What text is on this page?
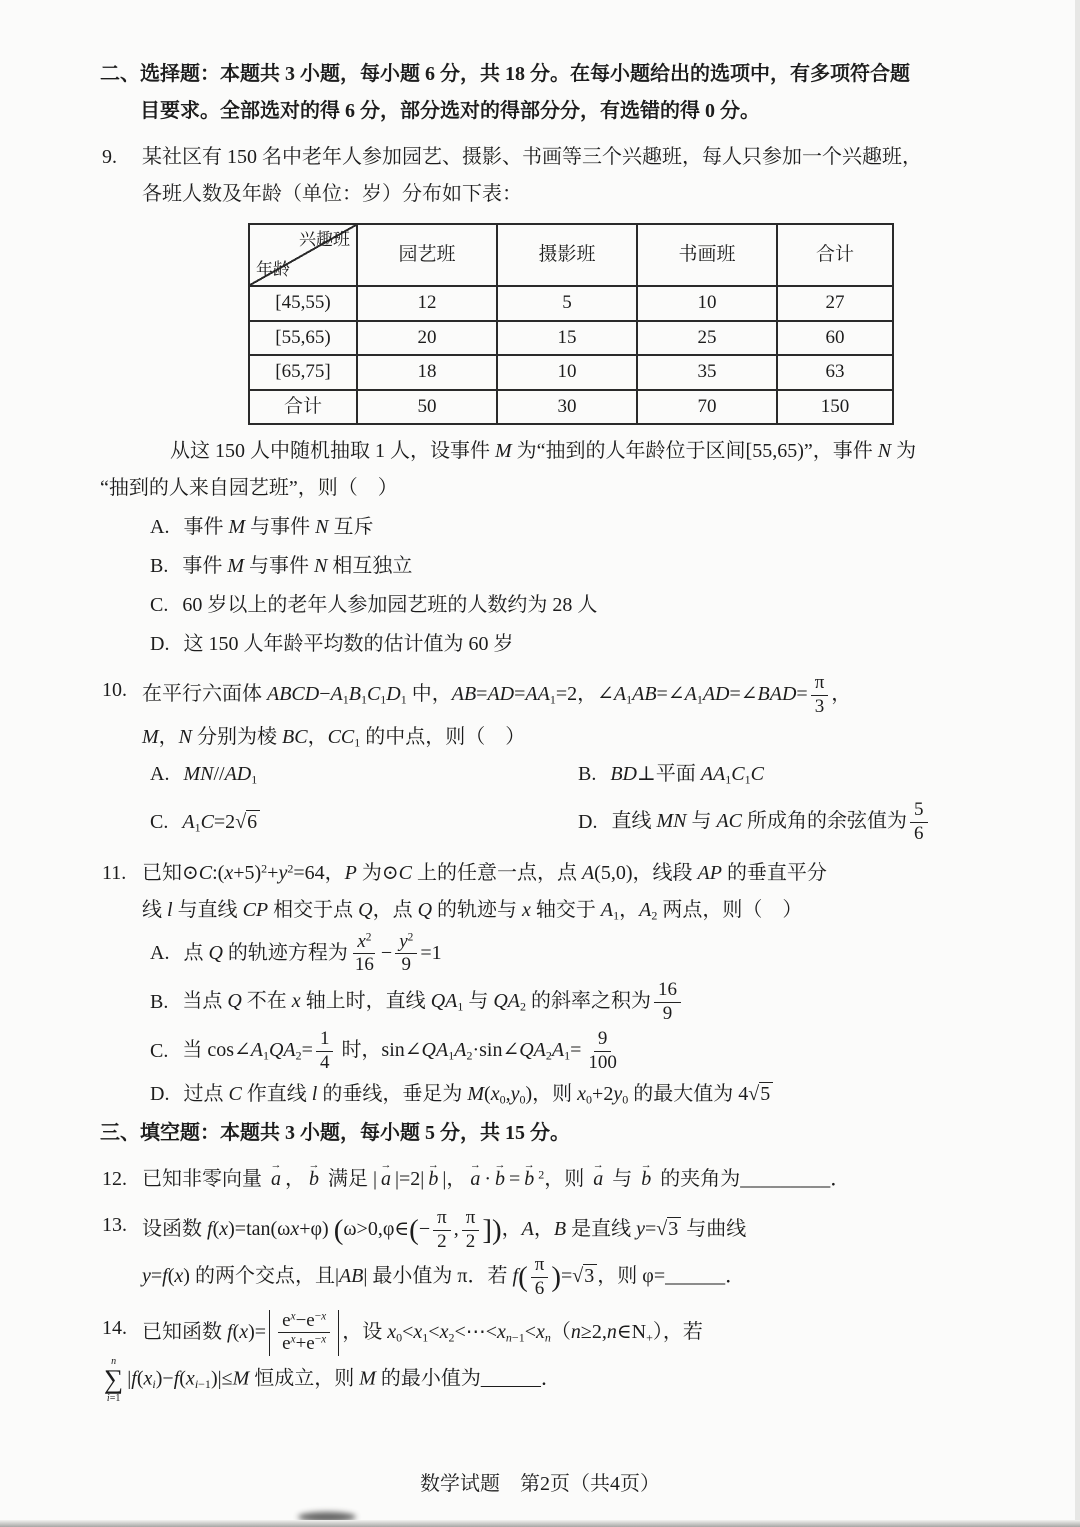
二、选择题：本题共 3 小题，每小题 6 分，共 18 分。在每小题给出的选项中，有多项符合题
目要求。全部选对的得 6 分，部分选对的得部分分，有选错的得 0 分。
9. 某社区有 150 名中老年人参加园艺、摄影、书画等三个兴趣班，每人只参加一个兴趣班，
各班人数及年龄（单位：岁）分布如下表：
兴趣班
年龄	园艺班	摄影班	书画班	合计
[45,55)	12	5	10	27
[55,65)	20	15	25	60
[65,75]	18	10	35	63
合计	50	30	70	150
从这 150 人中随机抽取 1 人，设事件 M 为“抽到的人年龄位于区间[55,65)”，事件 N 为
“抽到的人来自园艺班”，则（　）
A. 事件 M 与事件 N 互斥
B. 事件 M 与事件 N 相互独立
C. 60 岁以上的老年人参加园艺班的人数约为 28 人
D. 这 150 人年龄平均数的估计值为 60 岁
10. 在平行六面体 $ABCD-A_1B_1C_1D_1$ 中，$AB=AD=AA_1=2$，$\angle A_1AB=\angle A_1AD=\angle BAD= \frac{\pi}{3}$ ，
M，N 分别为棱 BC，$CC_1$ 的中点，则（　）
A. $MN//AD_1$	B. BD⊥平面 $AA_1C_1C$
C. $A_1C=2√6$	D. 直线 MN 与 AC 所成角的余弦值为 $\frac{5}{6}$
11. 已知$⊙C:(x+5)^2+y^2=64$，P 为⊙C 上的任意一点，点 A(5,0)，线段 AP 的垂直平分
线 l 与直线 CP 相交于点 Q，点 Q 的轨迹与 x 轴交于 $A_1$，$A_2$ 两点，则（　）
A. 点 Q 的轨迹方程为 $\frac{x^2}{16} - \frac{y^2}{9} =1$
B. 当点 Q 不在 x 轴上时，直线 $QA_1$ 与 $QA_2$ 的斜率之积为 $\frac{16}{9}$
C. 当 $\cos\angle A_1QA_2= \frac{1}{4}$ 时，$\sin\angle QA_1A_2\cdot\sin\angle QA_2A_1= \frac{9}{100}$
D. 过点 C 作直线 l 的垂线，垂足为 $M(x_0,y_0)$，则 $x_0+2y_0$ 的最大值为 4√5
三、填空题：本题共 3 小题，每小题 5 分，共 15 分。
12. 已知非零向量 → a ， → b 满足 | → a |=2| → b |， → a · → b = → b $^2$，则 → a 与 → b 的夹角为_________．
13. 设函数 f(x)=tan(ωx+φ) (ω>0,φ∈(− $\frac{\pi}{2}$ , $\frac{\pi}{2}$ ])，A，B 是直线 y=√3 与曲线
y=f(x) 的两个交点，且|AB| 最小值为 π．若 $f( \frac{\pi}{6} )=√3$ ，则 φ=______．
14. 已知函数 $f(x)= \frac{e^x-e^{-x}}{e^x+e^{-x}}$ ，设 $x_0<x_1<x_2<\cdots<x_{n-1}<x_n(n\ge 2,n\in N_+)$，若
n
∑
i=1
$|f(x_i)-f(x_{i-1})|\le M$ 恒成立，则 M 的最小值为______．
数学试题　第2页（共4页）
